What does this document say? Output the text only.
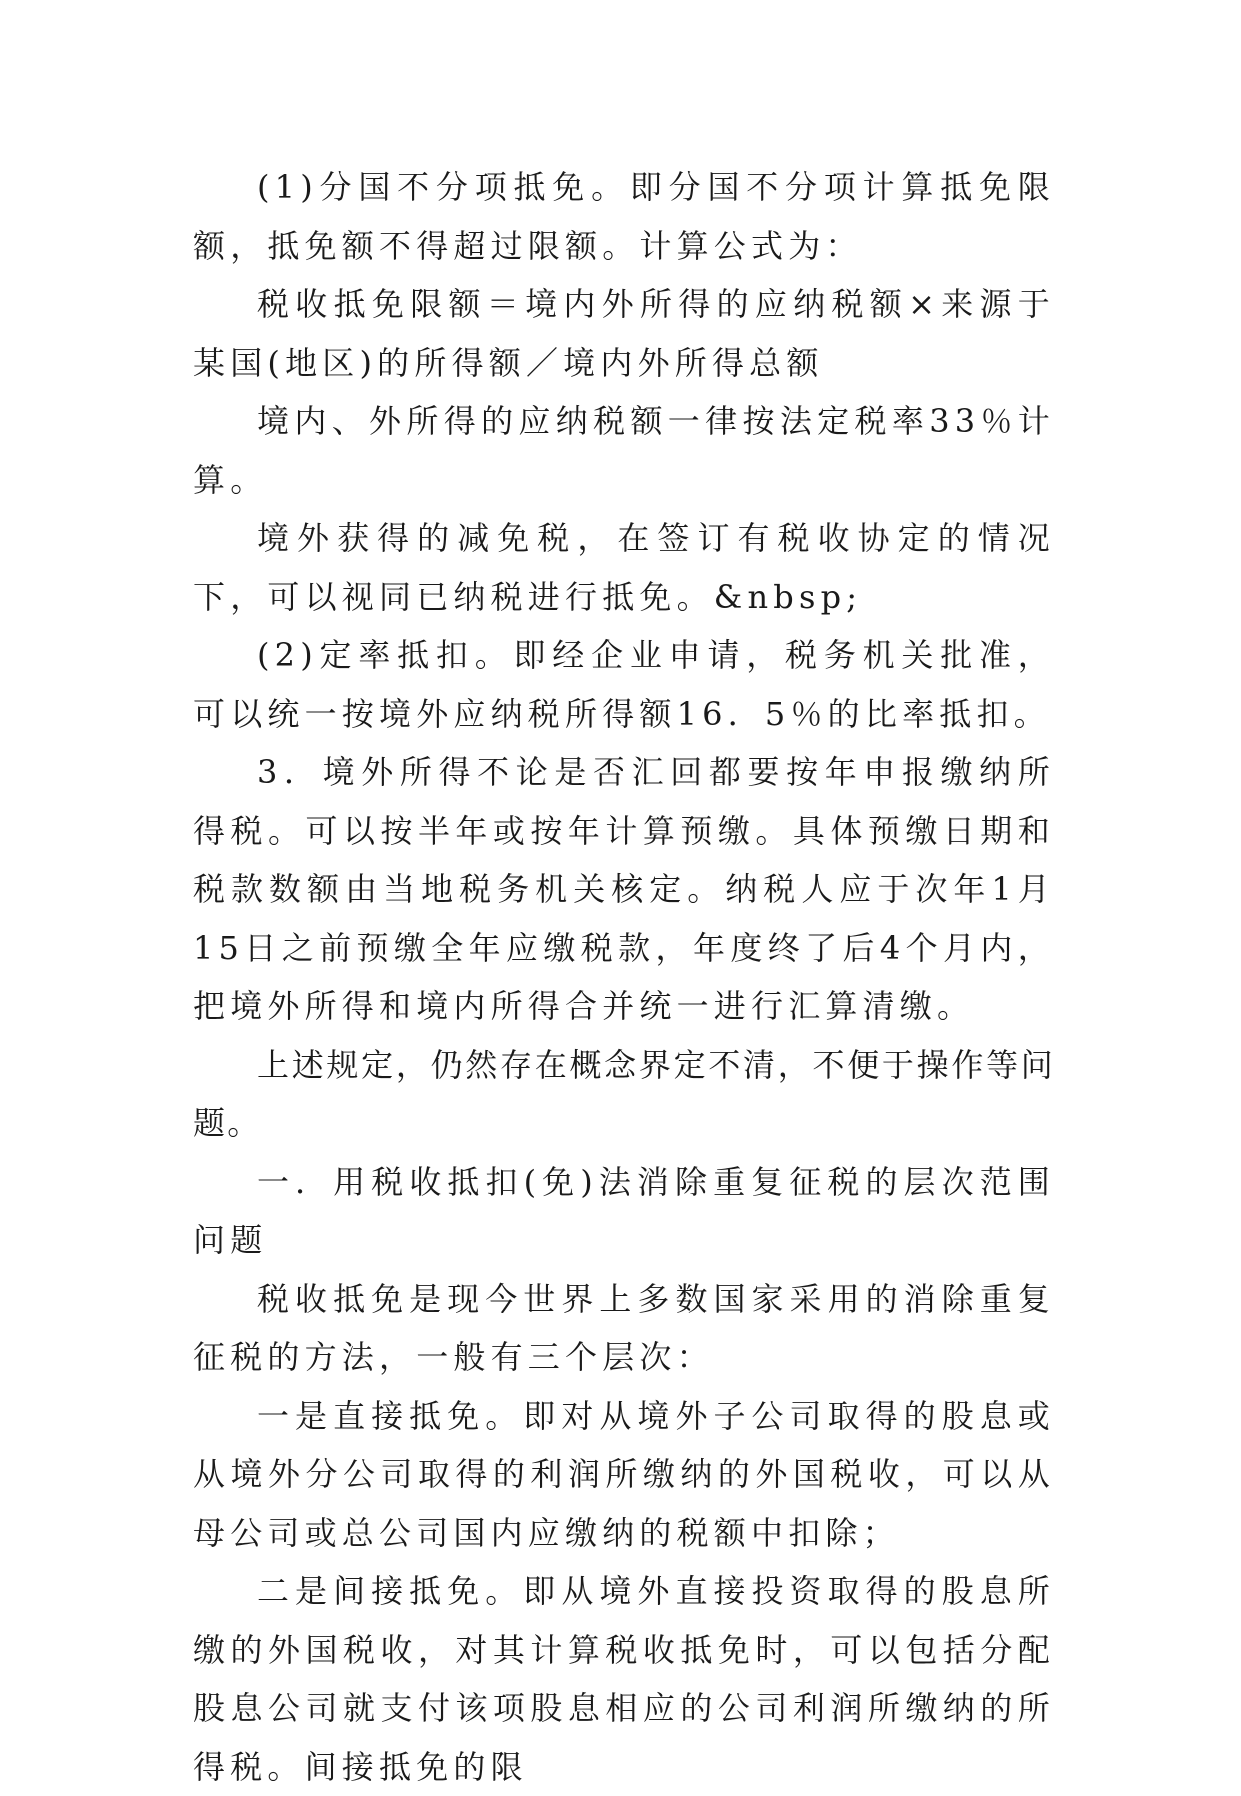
(1)分国不分项抵免。即分国不分项计算抵免限额，抵免额不得超过限额。计算公式为：

税收抵免限额＝境内外所得的应纳税额×来源于某国(地区)的所得额／境内外所得总额

境内、外所得的应纳税额一律按法定税率33％计算。

境外获得的减免税，在签订有税收协定的情况下，可以视同已纳税进行抵免。&nbsp;

(2)定率抵扣。即经企业申请，税务机关批准，可以统一按境外应纳税所得额16．5％的比率抵扣。

3．境外所得不论是否汇回都要按年申报缴纳所得税。可以按半年或按年计算预缴。具体预缴日期和税款数额由当地税务机关核定。纳税人应于次年1月15日之前预缴全年应缴税款，年度终了后4个月内，把境外所得和境内所得合并统一进行汇算清缴。

上述规定，仍然存在概念界定不清，不便于操作等问题。

一．用税收抵扣(免)法消除重复征税的层次范围问题

税收抵免是现今世界上多数国家采用的消除重复征税的方法，一般有三个层次：

一是直接抵免。即对从境外子公司取得的股息或从境外分公司取得的利润所缴纳的外国税收，可以从母公司或总公司国内应缴纳的税额中扣除；

二是间接抵免。即从境外直接投资取得的股息所缴的外国税收，对其计算税收抵免时，可以包括分配股息公司就支付该项股息相应的公司利润所缴纳的所得税。间接抵免的限
